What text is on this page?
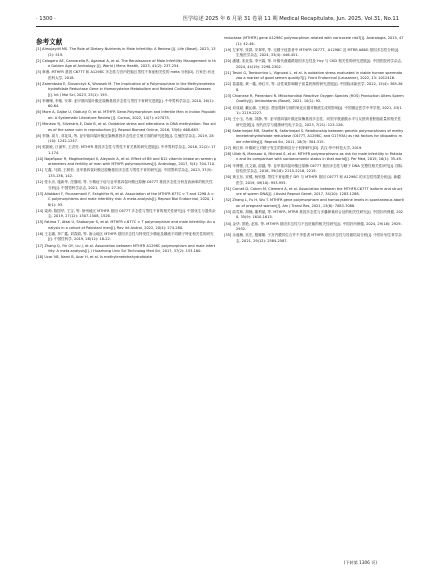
· 1300 ·	医学综述 2025 年 6 月第 31 卷第 11 期 Medical Recapitulate, Jun. 2025, Vol.31, No.11
参考文献
[1] Almujaydil MS. The Role of Dietary Nutrients in Male Infertility: A Review [J]. Life (Basel), 2023, 13(2): 519.
[2] Calogero AE, Cannarella R, Agarwal A, et al. The Renaissance of Male Infertility Management in the Golden Age of Andrology [J]. World J Mens Health, 2023, 41(2): 237-254.
[3] 章谯. MTHFR 基因 C677T 和 A1298C 多态性与宫内妊娠区男性不育症相关性的 meta 分析[D]. 石家庄:河北医科大学, 2018.
[4] Zarembska E, Ślusarczyk K, Wrzosek M. The Implication of a Polymorphism in the Methylenetetrahydrofolate Reductase Gene in Homocysteine Metabolism and Related Civilisation Diseases [J]. Int J Mol Sci, 2023, 25(1): 193.
[5] 李珊珊, 李敏, 安翠. 亚甲基四氢叶酸还原酶基因多态性与男性不育研究进展[J]. 中华男科学杂志, 2010, 16(1): 60-64.
[6] More A, Gajbe U, Olatunji O, et al. MTHFR Gene-Polymorphism and Infertile Men in Indian Population: A Systematic Literature Review [J]. Cureus, 2022, 14(7): e27075.
[7] Menezo YJ, Silvestris E, Dale B, et al. Oxidative stress and alterations in DNA methylation: Two sides of the same coin in reproduction [J]. Reprod Biomed Online, 2016, 33(6): 668-683.
[8] 李静, 周力, 邓花凤, 等. 亚甲基四氢叶酸还原酶基因多态性在生殖方面的研究进展[J]. 生殖医学杂志, 2019, 28(10): 1242-1247.
[9] 郭凯敏, 日丽军, 王洪亮. MTHFR 基因多态性与男性不育关系的研究进展[J]. 中华男科学杂志, 2016, 22(2): 171-174.
[10] Najafipour R, Moghbelinejad S, Aleyasin A, et al. Effect of B9 and B12 vitamin intake on semen parameters and fertility of men with MTHFR polymorphisms[J]. Andrology, 2017, 5(4): 704-710.
[11] 左鑫, 马娟, 王树松. 亚甲基四氢叶酸还原酶基因多态性与男性不育的研究[J]. 中国男科学杂志, 2023, 37(5): 133-136, 142.
[12] 张永乐, 施新华, 任继明, 等. 少精症子症与亚甲基四氢叶酸还原酶 C677T 基因多态性分析及致病率的相关性分析[J]. 中国男科学杂志, 2021, 35(2): 27-30.
[13] Aliakbari F, Pourzamanli F, Eshghifar N, et al. Association of the MTHFR 677C > T and 1298 A > C polymorphisms and male infertility risk: A meta-analysis[J]. Reprod Biol Endocrinol, 2020, 18(1): 93.
[14] 索帅, 陈国华, 王宝, 等. 徐州地区 MTHFR 基因 C677T 多态性与男性不育的相关性研究[J]. 中国优生与遗传杂志, 2019, 27(12): 1507-1508, 1526.
[15] Fatima T, Afzal U, Shabaryar S, et al. MTHFR c.677C > T polymorphism and male infertility: An analysis in a cohort of Pakistani men[J]. Rev Int Androl, 2022, 20(4): 274-280.
[16] 王志娜, 李广鑫, 刘春娟, 等. 唐山地区 MTHFR 基因多态性与特发性少精症及精液不同精子特征相关性的研究[J]. 中国性科学, 2019, 28(12): 18-22.
[17] Zhang Q, Yin GY, Liu J, et al. Association between MTHFR A1298C polymorphism and male infertility: A meta-analysis[J]. J Huazhong Univ Sci Technolog Med Sci, 2017, 37(2): 153-160.
[18] Ucar VB, Nami B, Acar H, et al. Is methylenetetrahydrofolate
reductase (MTHFR) gene A1298C polymorphism related with varicocele risk?[J]. Andrologia, 2015, 47(1): 42-46.
[19] 左家军, 张群, 安翠军, 等. 无精子症患者中 MTHFR C677T、A1298C 及 MTRR A66G 基因多态性分析[J]. 生殖医学杂志, 2024, 33(4): 446-451.
[20] 潘婕, 宋炎春, 李兴霖, 等. 叶酸代谢通路基因多态性及 Hcy 与 CKD 相关性的研究进展[J]. 中国医院药学杂志, 2024, 44(19): 2298-2302.
[21] Tesini G, Tamburrino L, Vignozzi L, et al. Is oxidative stress evaluated in viable human spermatozoa a marker of good semen quality?[J]. Front Endocrinol (Lausanne), 2022, 13: 1012416.
[22] 葛嘉歆, 黄一鑫, 徐红平, 等. 活性氧影响精子质量机制的研究进展[J]. 中国临床新医学, 2022, 15(4): 365-368.
[23] Chianese R, Pierantoni R. Mitochondrial Reactive Oxygen Species (ROS) Production Alters Sperm Quality[J]. Antioxidants (Basel), 2021, 10(1): 92.
[24] 邓成斌, 戴沁瑜, 王树忠. 憩室脓肿与钠的氧化应激对精液生成的影响[J]. 中国循证医学中华学报, 2021, 43(11): 2219-2227.
[25] 王小玉, 马雨, 刘静, 等. 亚甲基四氢叶酸还原酶基因多态性、同型半胱氨酸水平与反胚育者胚胎质量的相关性研究进展[J]. 现代医学与健康研究电子杂志, 2023, 7(21): 123-126.
[26] Safarinejad MR, Shafiei N, Safarinejad S. Relationship between genetic polymorphisms of methylenetetrahydrofolate reductase (C677T, A1298C, and G1793A) as risk factors for idiopathic male infertility[J]. Reprod Sci, 2011, 18(3): 304-315.
[27] 黄红育. 叶酸缺乏对精子发生的影响及分子机制研究[D]. 武汉:华中科技大学, 2019.
[28] Ullah N, Mansoor A, Micheal S, et al. MTHFR polymorphisms as risk for male infertility in Pakistan and its comparison with socioeconomic status in that world[J]. Per Med, 2019, 16(1): 35-49.
[29] 辛博蕾, 沈文斌, 邸越, 等. 亚甲基四氢叶酸还原酶 C677T 基因多态性与精子 DNA 完整性相关性研究[J]. 国际检验医学杂志, 2018, 39(18): 2215-2216, 2219.
[30] 黄玉东, 宋蝶, 杨钦强. 男性不育症精子 DFI 与 MTHFR 基因 C677T 和 A1298C 的多态性结果分析[J]. 新疆医学, 2019, 49(10): 953-955.
[31] Cornet D, Cohen M, Clement A, et al. Association between the MTHFR-C677T isoform and structure of sperm DNA[J]. J Assist Reprod Genet, 2017, 34(10): 1283-1288.
[32] Zhang L, Fu H, Wu T. MTHFR gene polymorphism and homocysteine levels in spontaneous abortion of pregnant women[J]. Am J Transl Res, 2021, 13(6): 7083-7088.
[33] 曲雪林, 胡楠, 董利斌, 等. MTHFR, MTRR 基因多态性与多囊卵巢综合征的相关性研究[J]. 中国妇幼保健, 2020, 35(9): 1610-1615.
[34] 金华, 蔡艳, 赵伟, 等. MTHFR 基因多态性与不良妊娠的相关性研究[J]. 中国妇幼保健, 2024, 29(18): 2929-2932.
[35] 余盛楠, 吴宏, 殷娜娜. 子宫内膜异位合并不孕患者 MTHFR 基因多态性与妊娠结局分析[J]. 中国计划生育学杂志, 2021, 29(12): 2584-2587.
(下转第 1306 页)
